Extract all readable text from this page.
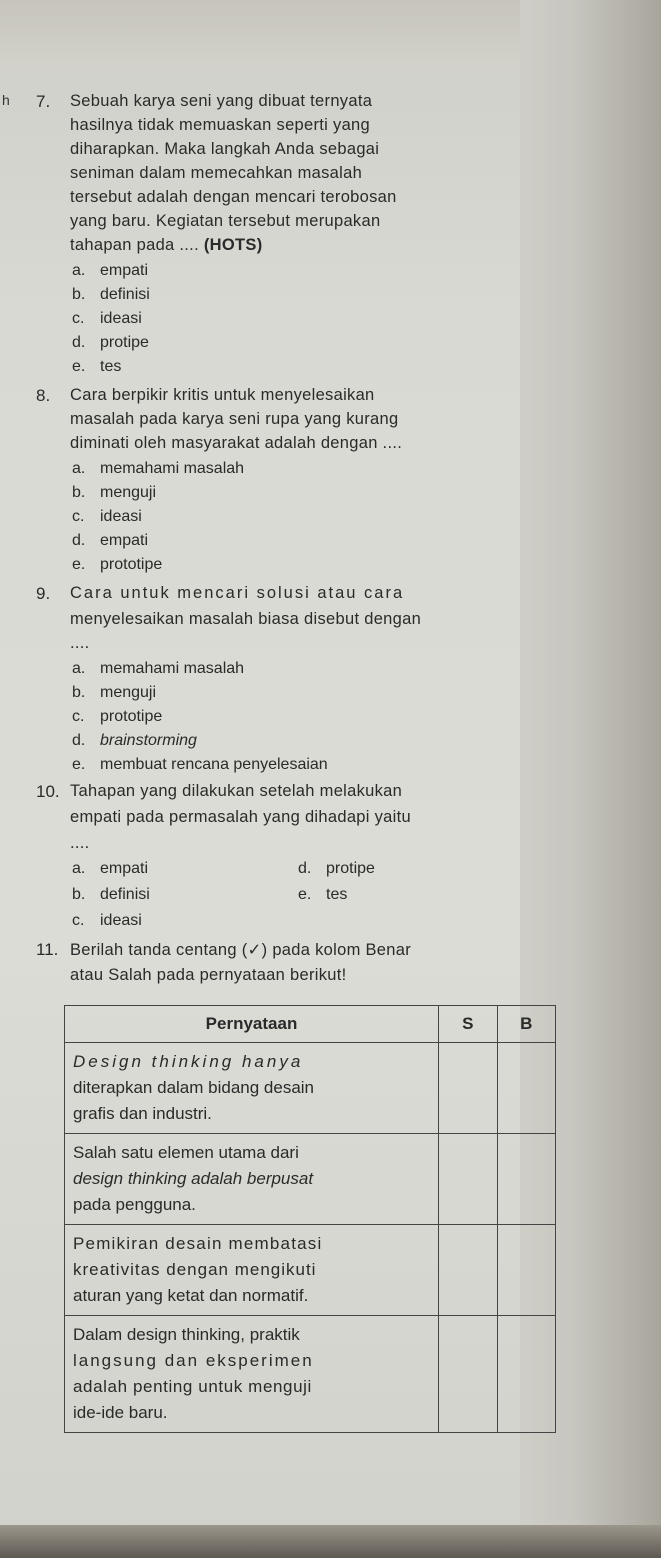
h 7. Sebuah karya seni yang dibuat ternyata
hasilnya tidak memuaskan seperti yang
diharapkan. Maka langkah Anda sebagai
seniman dalam memecahkan masalah
tersebut adalah dengan mencari terobosan
yang baru. Kegiatan tersebut merupakan
tahapan pada .... (HOTS)
a. empati
b. definisi
c. ideasi
d. protipe
e. tes
8. Cara berpikir kritis untuk menyelesaikan
masalah pada karya seni rupa yang kurang
diminati oleh masyarakat adalah dengan ....
a. memahami masalah
b. menguji
c. ideasi
d. empati
e. prototipe
9. Cara untuk mencari solusi atau cara
menyelesaikan masalah biasa disebut dengan
....
a. memahami masalah
b. menguji
c. prototipe
d. brainstorming
e. membuat rencana penyelesaian
10. Tahapan yang dilakukan setelah melakukan
empati pada permasalah yang dihadapi yaitu
....
a. empati
b. definisi
c. ideasi
d. protipe
e. tes
11. Berilah tanda centang (✓) pada kolom Benar
atau Salah pada pernyataan berikut!
Pernyataan	S	B

Design thinking hanya
diterapkan dalam bidang desain
grafis dan industri.		

Salah satu elemen utama dari
design thinking adalah berpusat
pada pengguna.		

Pemikiran desain membatasi
kreativitas dengan mengikuti
aturan yang ketat dan normatif.		

Dalam design thinking, praktik
langsung dan eksperimen
adalah penting untuk menguji
ide-ide baru.		
